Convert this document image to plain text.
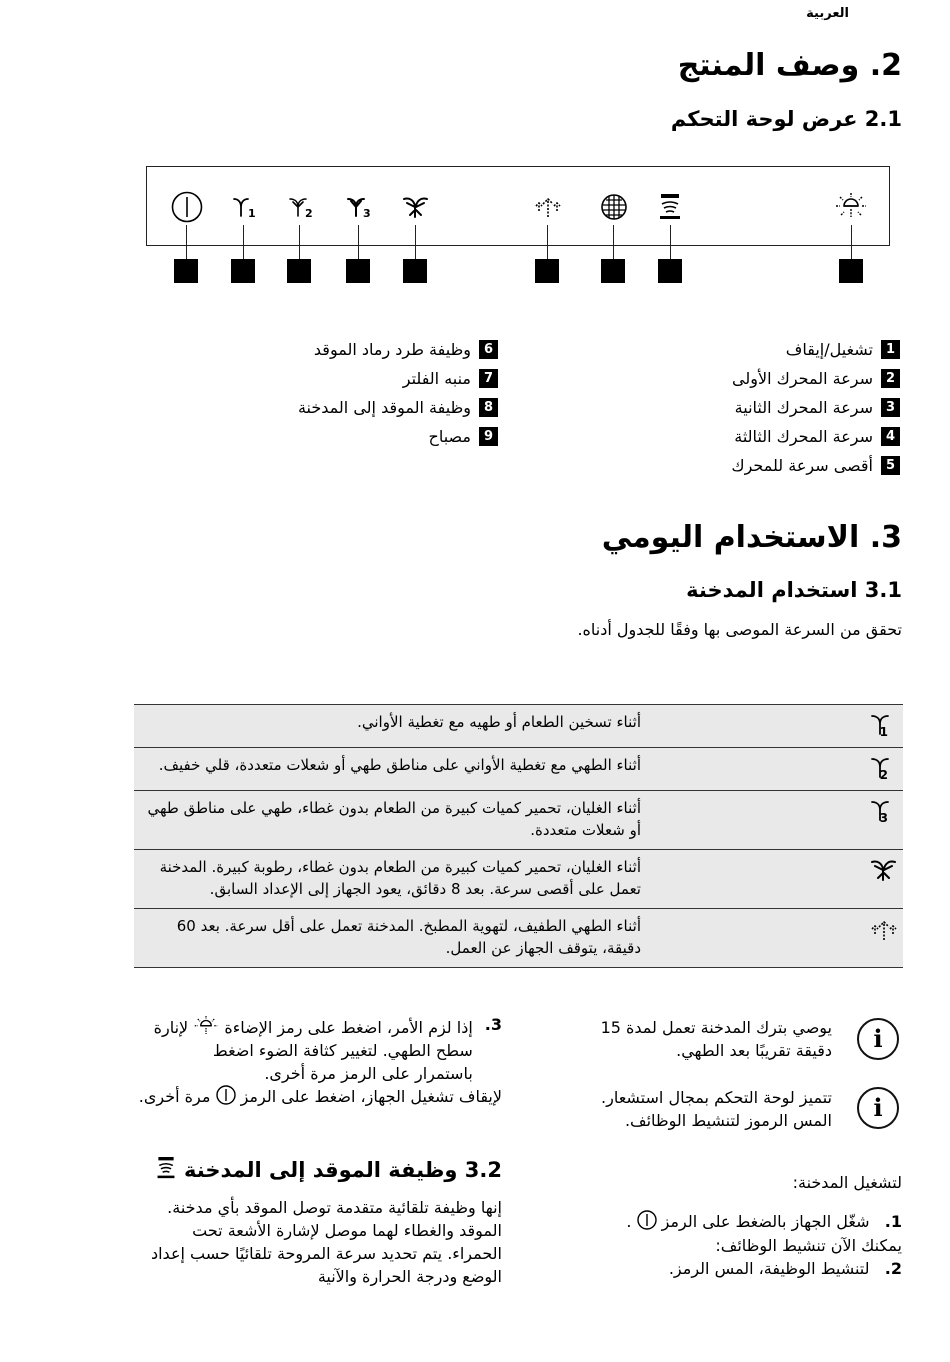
العربية
2. وصف المنتج
2.1 عرض لوحة التحكم
1	2	3
1
تشغيل/إيقاف
2
سرعة المحرك الأولى
3
سرعة المحرك الثانية
4
سرعة المحرك الثالثة
5
أقصى سرعة للمحرك
6
وظيفة طرد رماد الموقد
7
منبه الفلتر
8
وظيفة الموقد إلى المدخنة
9
مصباح
3. الاستخدام اليومي
3.1 استخدام المدخنة
تحقق من السرعة الموصى بها وفقًا للجدول أدناه.
1	أثناء تسخين الطعام أو طهيه مع تغطية الأواني.

2	أثناء الطهي مع تغطية الأواني على مناطق طهي أو شعلات متعددة، قلي خفيف.

3	أثناء الغليان، تحمير كميات كبيرة من الطعام بدون غطاء، طهي على مناطق طهي أو شعلات متعددة.

	أثناء الغليان، تحمير كميات كبيرة من الطعام بدون غطاء، رطوبة كبيرة. المدخنة تعمل على أقصى سرعة. بعد 8 دقائق، يعود الجهاز إلى الإعداد السابق.

	أثناء الطهي الطفيف، لتهوية المطبخ. المدخنة تعمل على أقل سرعة. بعد 60 دقيقة، يتوقف الجهاز عن العمل.
i
يوصي بترك المدخنة تعمل لمدة 15 دقيقة تقريبًا بعد الطهي.
i
تتميز لوحة التحكم بمجال استشعار. المس الرموز لتنشيط الوظائف.
لتشغيل المدخنة:
1.   شغّل الجهاز بالضغط على الرمز  .
يمكنك الآن تنشيط الوظائف:
2.   لتنشيط الوظيفة، المس الرمز.
3.
إذا لزم الأمر، اضغط على رمز الإضاءة  لإنارة سطح الطهي. لتغيير كثافة الضوء اضغط باستمرار على الرمز مرة أخرى.
لإيقاف تشغيل الجهاز، اضغط على الرمز  مرة أخرى.
3.2 وظيفة الموقد إلى المدخنة
إنها وظيفة تلقائية متقدمة توصل الموقد بأي مدخنة. الموقد والغطاء لهما موصل لإشارة الأشعة تحت الحمراء. يتم تحديد سرعة المروحة تلقائيًا حسب إعداد الوضع ودرجة الحرارة والآنية
